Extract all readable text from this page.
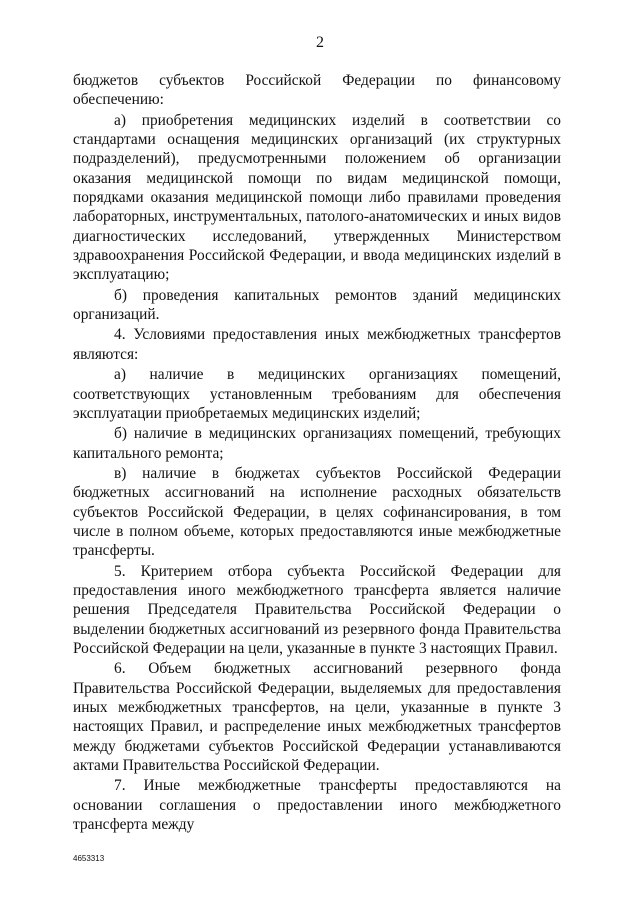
2

бюджетов субъектов Российской Федерации по финансовому обеспечению:

а) приобретения медицинских изделий в соответствии со стандартами оснащения медицинских организаций (их структурных подразделений), предусмотренными положением об организации оказания медицинской помощи по видам медицинской помощи, порядками оказания медицинской помощи либо правилами проведения лабораторных, инструментальных, патолого-анатомических и иных видов диагностических исследований, утвержденных Министерством здравоохранения Российской Федерации, и ввода медицинских изделий в эксплуатацию;

б) проведения капитальных ремонтов зданий медицинских организаций.

4. Условиями предоставления иных межбюджетных трансфертов являются:

а) наличие в медицинских организациях помещений, соответствующих установленным требованиям для обеспечения эксплуатации приобретаемых медицинских изделий;

б) наличие в медицинских организациях помещений, требующих капитального ремонта;

в) наличие в бюджетах субъектов Российской Федерации бюджетных ассигнований на исполнение расходных обязательств субъектов Российской Федерации, в целях софинансирования, в том числе в полном объеме, которых предоставляются иные межбюджетные трансферты.

5. Критерием отбора субъекта Российской Федерации для предоставления иного межбюджетного трансферта является наличие решения Председателя Правительства Российской Федерации о выделении бюджетных ассигнований из резервного фонда Правительства Российской Федерации на цели, указанные в пункте 3 настоящих Правил.

6. Объем бюджетных ассигнований резервного фонда Правительства Российской Федерации, выделяемых для предоставления иных межбюджетных трансфертов, на цели, указанные в пункте 3 настоящих Правил, и распределение иных межбюджетных трансфертов между бюджетами субъектов Российской Федерации устанавливаются актами Правительства Российской Федерации.

7. Иные межбюджетные трансферты предоставляются на основании соглашения о предоставлении иного межбюджетного трансферта между

4653313
